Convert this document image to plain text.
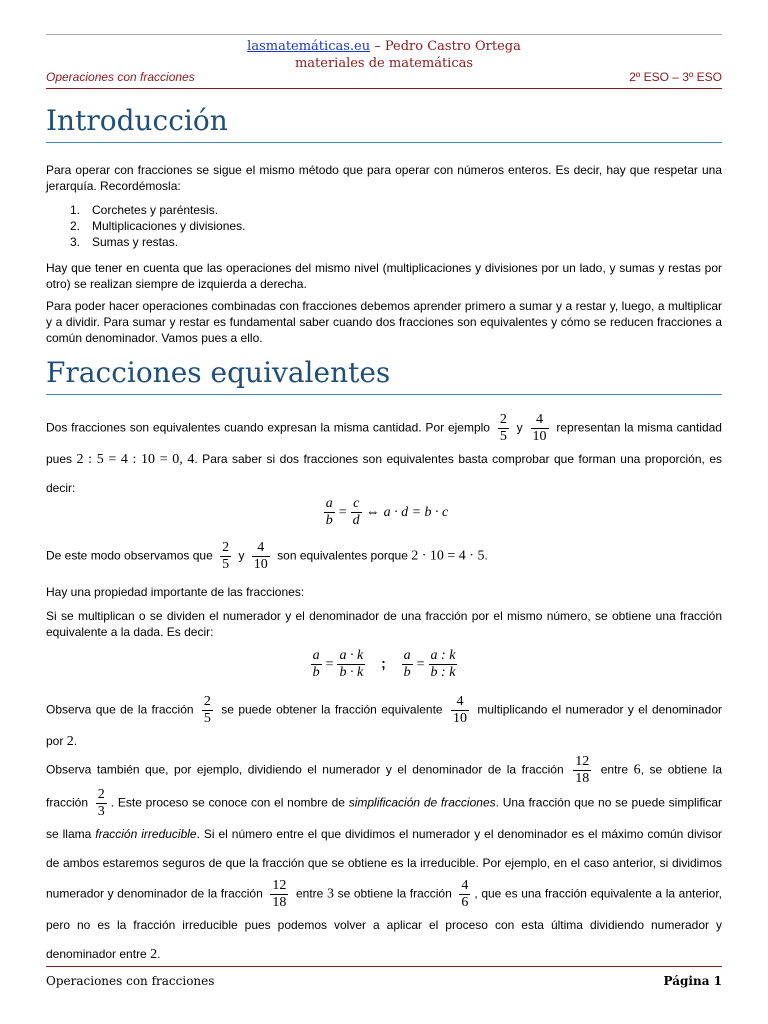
lasmatemáticas.eu – Pedro Castro Ortega
materiales de matemáticas
Operaciones con fracciones	2º ESO – 3º ESO
Introducción

Para operar con fracciones se sigue el mismo método que para operar con números enteros. Es decir, hay que respetar una jerarquía. Recordémosla:

1. Corchetes y paréntesis.
2. Multiplicaciones y divisiones.
3. Sumas y restas.

Hay que tener en cuenta que las operaciones del mismo nivel (multiplicaciones y divisiones por un lado, y sumas y restas por otro) se realizan siempre de izquierda a derecha.

Para poder hacer operaciones combinadas con fracciones debemos aprender primero a sumar y a restar y, luego, a multiplicar y a dividir. Para sumar y restar es fundamental saber cuando dos fracciones son equivalentes y cómo se reducen fracciones a común denominador. Vamos pues a ello.

Fracciones equivalentes

Dos fracciones son equivalentes cuando expresan la misma cantidad. Por ejemplo $\frac{2}{5}$ y $\frac{4}{10}$ representan la misma cantidad pues 2 : 5 = 4 : 10 = 0, 4. Para saber si dos fracciones son equivalentes basta comprobar que forman una proporción, es decir:

$\frac{a}{b} = \frac{c}{d}$ ⇔ a · d = b · c

De este modo observamos que $\frac{2}{5}$ y $\frac{4}{10}$ son equivalentes porque 2 · 10 = 4 · 5.

Hay una propiedad importante de las fracciones:

Si se multiplican o se dividen el numerador y el denominador de una fracción por el mismo número, se obtiene una fracción equivalente a la dada. Es decir:

$\frac{a}{b} = \frac{a \cdot k}{b \cdot k}$ ; $\frac{a}{b} = \frac{a : k}{b : k}$

Observa que de la fracción $\frac{2}{5}$ se puede obtener la fracción equivalente $\frac{4}{10}$ multiplicando el numerador y el denominador por 2.

Observa también que, por ejemplo, dividiendo el numerador y el denominador de la fracción $\frac{12}{18}$ entre 6, se obtiene la fracción $\frac{2}{3}$ . Este proceso se conoce con el nombre de simplificación de fracciones. Una fracción que no se puede simplificar se llama fracción irreducible. Si el número entre el que dividimos el numerador y el denominador es el máximo común divisor de ambos estaremos seguros de que la fracción que se obtiene es la irreducible. Por ejemplo, en el caso anterior, si dividimos numerador y denominador de la fracción $\frac{12}{18}$ entre 3 se obtiene la fracción $\frac{4}{6}$ , que es una fracción equivalente a la anterior, pero no es la fracción irreducible pues podemos volver a aplicar el proceso con esta última dividiendo numerador y denominador entre 2.

Operaciones con fracciones	Página 1
